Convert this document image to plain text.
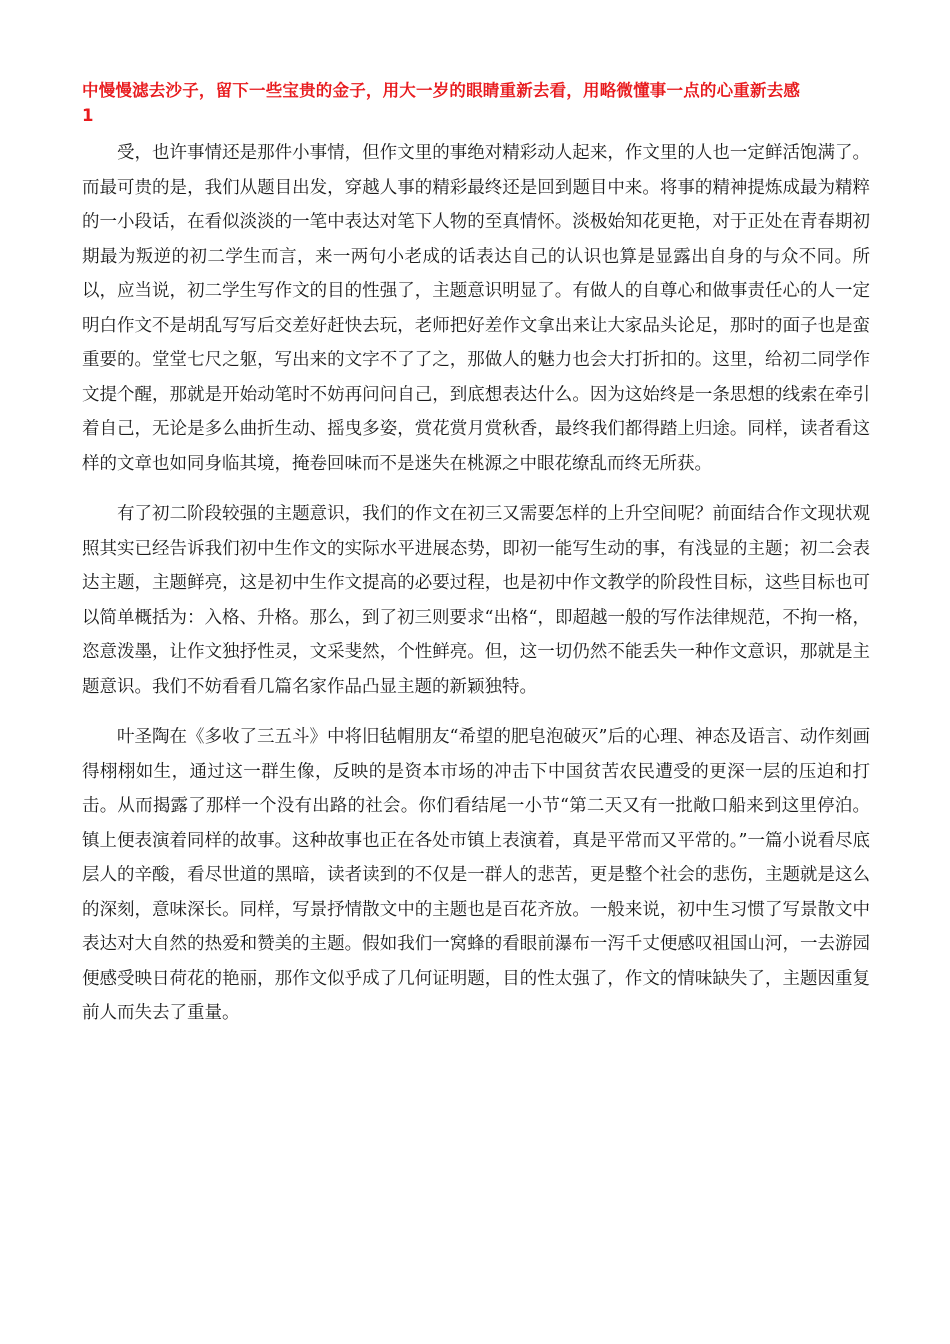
中慢慢滤去沙子，留下一些宝贵的金子，用大一岁的眼睛重新去看，用略微懂事一点的心重新去感
1

受，也许事情还是那件小事情，但作文里的事绝对精彩动人起来，作文里的人也一定鲜活饱满了。而最可贵的是，我们从题目出发，穿越人事的精彩最终还是回到题目中来。将事的精神提炼成最为精粹的一小段话，在看似淡淡的一笔中表达对笔下人物的至真情怀。淡极始知花更艳，对于正处在青春期初期最为叛逆的初二学生而言，来一两句小老成的话表达自己的认识也算是显露出自身的与众不同。所以，应当说，初二学生写作文的目的性强了，主题意识明显了。有做人的自尊心和做事责任心的人一定明白作文不是胡乱写写后交差好赶快去玩，老师把好差作文拿出来让大家品头论足，那时的面子也是蛮重要的。堂堂七尺之躯，写出来的文字不了了之，那做人的魅力也会大打折扣的。这里，给初二同学作文提个醒，那就是开始动笔时不妨再问问自己，到底想表达什么。因为这始终是一条思想的线索在牵引着自己，无论是多么曲折生动、摇曳多姿，赏花赏月赏秋香，最终我们都得踏上归途。同样，读者看这样的文章也如同身临其境，掩卷回味而不是迷失在桃源之中眼花缭乱而终无所获。

有了初二阶段较强的主题意识，我们的作文在初三又需要怎样的上升空间呢？前面结合作文现状观照其实已经告诉我们初中生作文的实际水平进展态势，即初一能写生动的事，有浅显的主题；初二会表达主题，主题鲜亮，这是初中生作文提高的必要过程，也是初中作文教学的阶段性目标，这些目标也可以简单概括为：入格、升格。那么，到了初三则要求“出格“，即超越一般的写作法律规范，不拘一格，恣意泼墨，让作文独抒性灵，文采斐然，个性鲜亮。但，这一切仍然不能丢失一种作文意识，那就是主题意识。我们不妨看看几篇名家作品凸显主题的新颖独特。

叶圣陶在《多收了三五斗》中将旧毡帽朋友“希望的肥皂泡破灭”后的心理、神态及语言、动作刻画得栩栩如生，通过这一群生像，反映的是资本市场的冲击下中国贫苦农民遭受的更深一层的压迫和打击。从而揭露了那样一个没有出路的社会。你们看结尾一小节“第二天又有一批敞口船来到这里停泊。镇上便表演着同样的故事。这种故事也正在各处市镇上表演着，真是平常而又平常的。”一篇小说看尽底层人的辛酸，看尽世道的黑暗，读者读到的不仅是一群人的悲苦，更是整个社会的悲伤，主题就是这么的深刻，意味深长。同样，写景抒情散文中的主题也是百花齐放。一般来说，初中生习惯了写景散文中表达对大自然的热爱和赞美的主题。假如我们一窝蜂的看眼前瀑布一泻千丈便感叹祖国山河，一去游园便感受映日荷花的艳丽，那作文似乎成了几何证明题，目的性太强了，作文的情味缺失了，主题因重复前人而失去了重量。
